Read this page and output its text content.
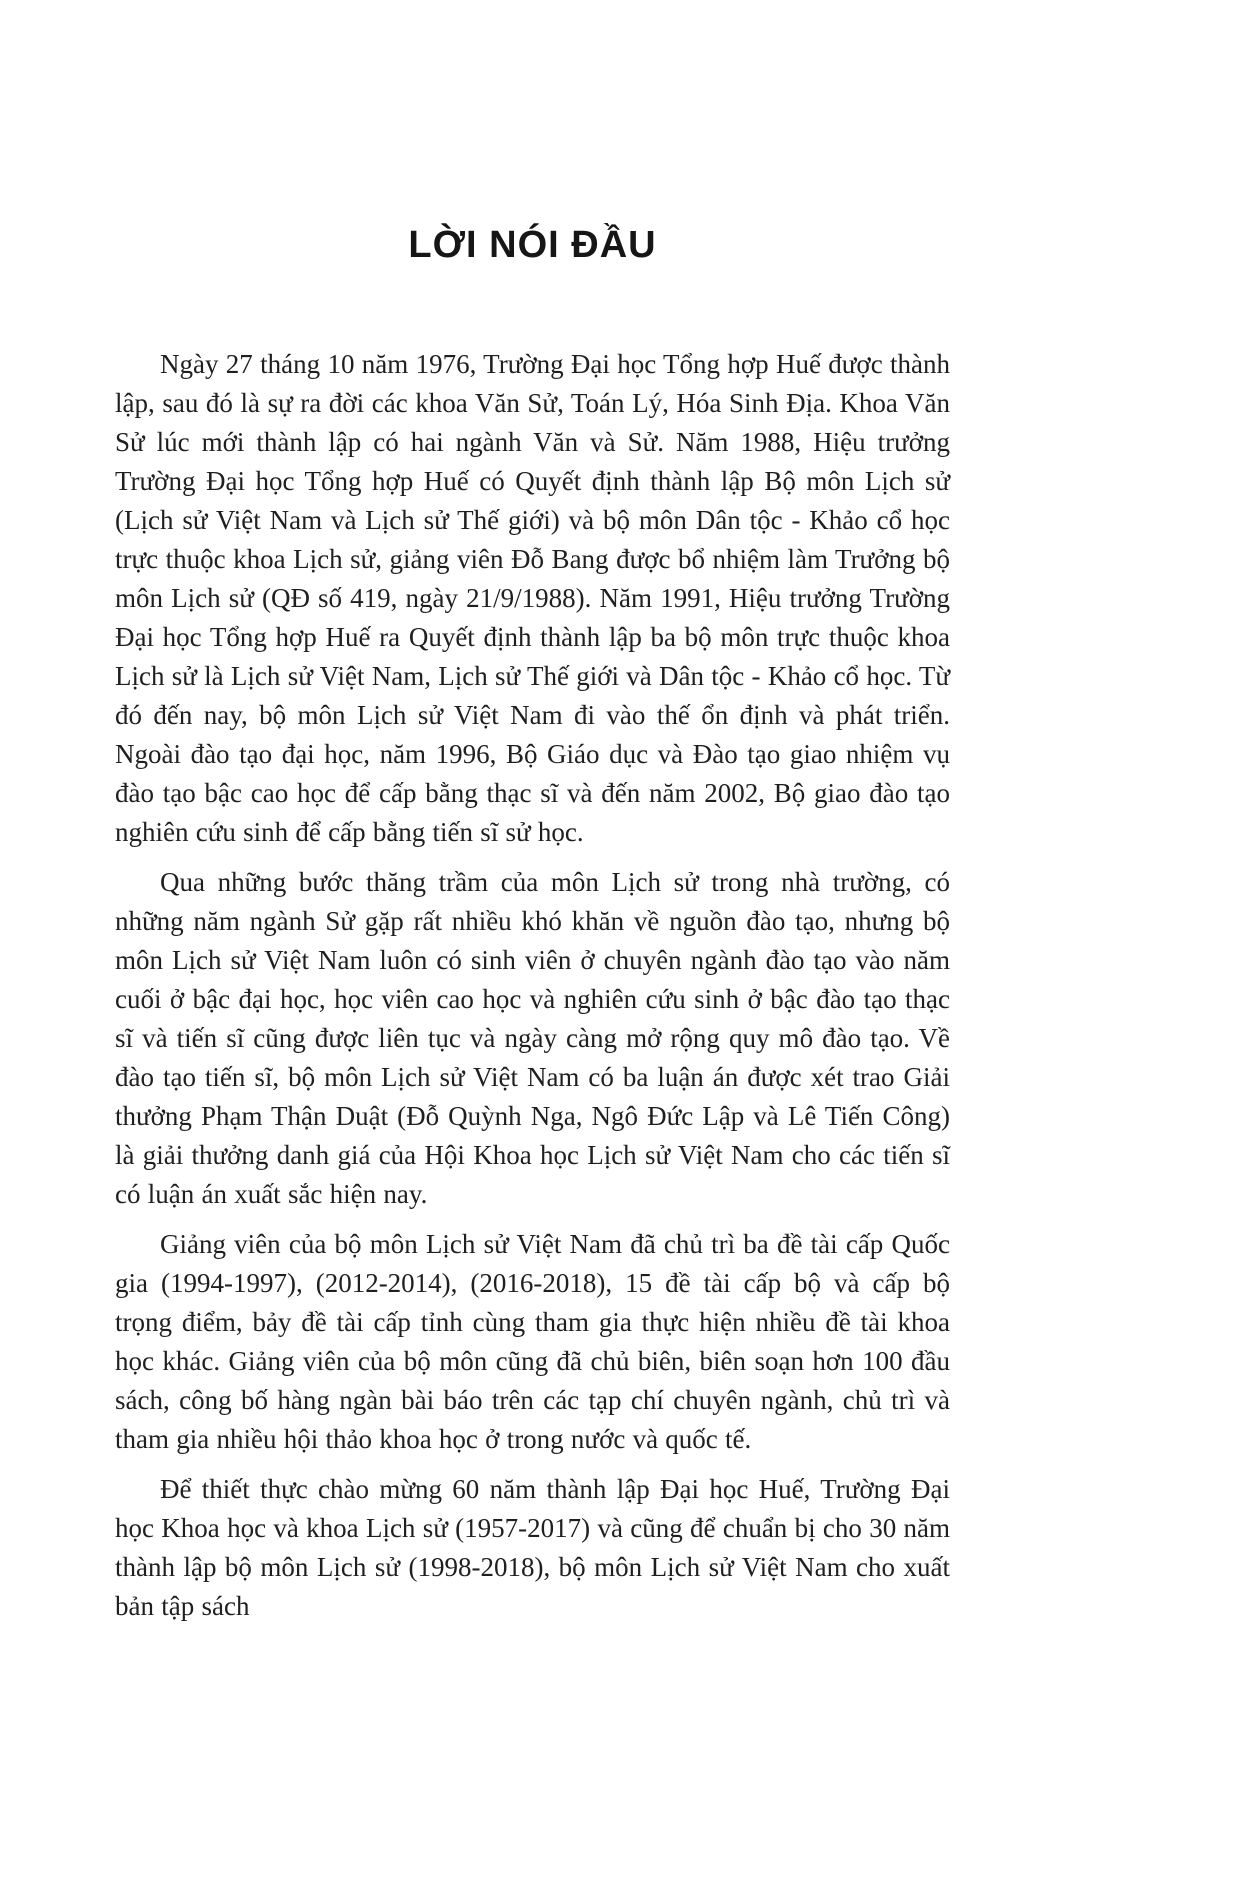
LỜI NÓI ĐẦU

Ngày 27 tháng 10 năm 1976, Trường Đại học Tổng hợp Huế được thành lập, sau đó là sự ra đời các khoa Văn Sử, Toán Lý, Hóa Sinh Địa. Khoa Văn Sử lúc mới thành lập có hai ngành Văn và Sử. Năm 1988, Hiệu trưởng Trường Đại học Tổng hợp Huế có Quyết định thành lập Bộ môn Lịch sử (Lịch sử Việt Nam và Lịch sử Thế giới) và bộ môn Dân tộc - Khảo cổ học trực thuộc khoa Lịch sử, giảng viên Đỗ Bang được bổ nhiệm làm Trưởng bộ môn Lịch sử (QĐ số 419, ngày 21/9/1988). Năm 1991, Hiệu trưởng Trường Đại học Tổng hợp Huế ra Quyết định thành lập ba bộ môn trực thuộc khoa Lịch sử là Lịch sử Việt Nam, Lịch sử Thế giới và Dân tộc - Khảo cổ học. Từ đó đến nay, bộ môn Lịch sử Việt Nam đi vào thế ổn định và phát triển. Ngoài đào tạo đại học, năm 1996, Bộ Giáo dục và Đào tạo giao nhiệm vụ đào tạo bậc cao học để cấp bằng thạc sĩ và đến năm 2002, Bộ giao đào tạo nghiên cứu sinh để cấp bằng tiến sĩ sử học.

Qua những bước thăng trầm của môn Lịch sử trong nhà trường, có những năm ngành Sử gặp rất nhiều khó khăn về nguồn đào tạo, nhưng bộ môn Lịch sử Việt Nam luôn có sinh viên ở chuyên ngành đào tạo vào năm cuối ở bậc đại học, học viên cao học và nghiên cứu sinh ở bậc đào tạo thạc sĩ và tiến sĩ cũng được liên tục và ngày càng mở rộng quy mô đào tạo. Về đào tạo tiến sĩ, bộ môn Lịch sử Việt Nam có ba luận án được xét trao Giải thưởng Phạm Thận Duật (Đỗ Quỳnh Nga, Ngô Đức Lập và Lê Tiến Công) là giải thưởng danh giá của Hội Khoa học Lịch sử Việt Nam cho các tiến sĩ có luận án xuất sắc hiện nay.

Giảng viên của bộ môn Lịch sử Việt Nam đã chủ trì ba đề tài cấp Quốc gia (1994-1997), (2012-2014), (2016-2018), 15 đề tài cấp bộ và cấp bộ trọng điểm, bảy đề tài cấp tỉnh cùng tham gia thực hiện nhiều đề tài khoa học khác. Giảng viên của bộ môn cũng đã chủ biên, biên soạn hơn 100 đầu sách, công bố hàng ngàn bài báo trên các tạp chí chuyên ngành, chủ trì và tham gia nhiều hội thảo khoa học ở trong nước và quốc tế.

Để thiết thực chào mừng 60 năm thành lập Đại học Huế, Trường Đại học Khoa học và khoa Lịch sử (1957-2017) và cũng để chuẩn bị cho 30 năm thành lập bộ môn Lịch sử (1998-2018), bộ môn Lịch sử Việt Nam cho xuất bản tập sách
